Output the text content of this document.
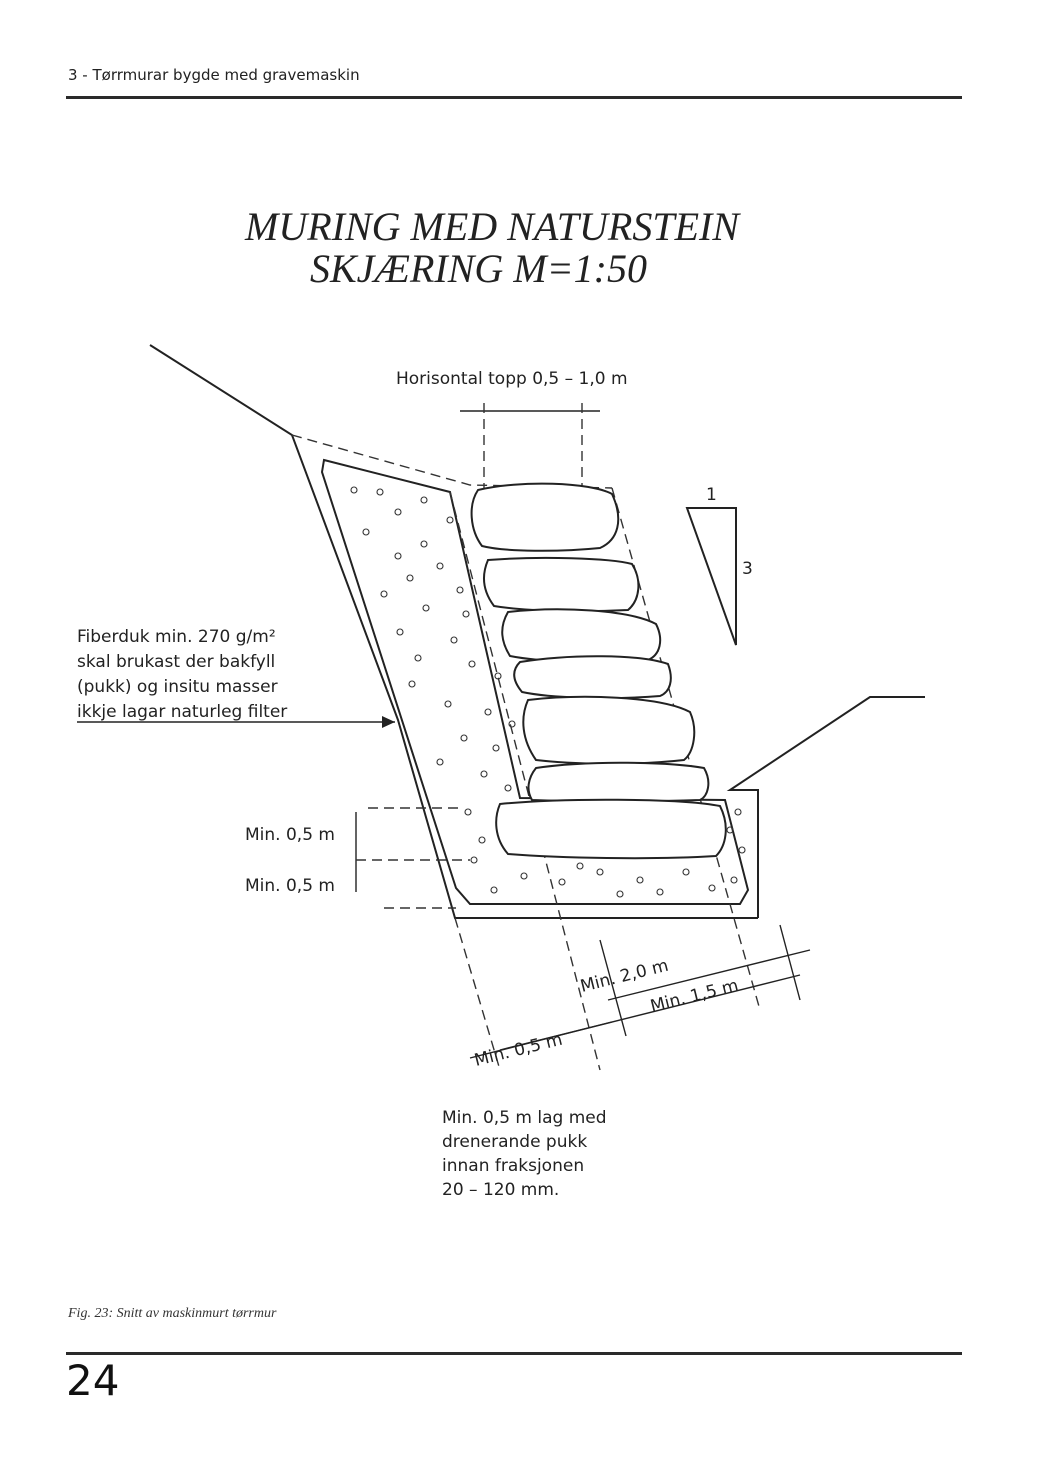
3 - Tørrmurar bygde med gravemaskin
MURING MED NATURSTEIN
SKJÆRING M=1:50
Horisontal topp 0,5 – 1,0 m
1
3
Fiberduk min. 270 g/m²
skal brukast der bakfyll
(pukk) og insitu masser
ikkje lagar naturleg filter
Min. 0,5 m
Min. 0,5 m
Min. 2,0 m
Min. 1,5 m
Min. 0,5 m
Min. 0,5 m lag med
drenerande pukk
innan fraksjonen
20 – 120 mm.
Fig. 23: Snitt av maskinmurt tørrmur
24
